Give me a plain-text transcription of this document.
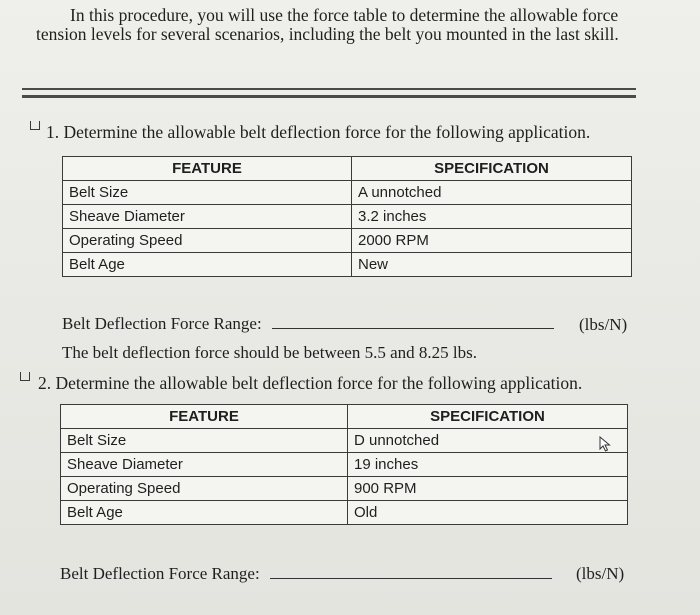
In this procedure, you will use the force table to determine the allowable force tension levels for several scenarios, including the belt you mounted in the last skill.

1. Determine the allowable belt deflection force for the following application.

FEATURE	SPECIFICATION
Belt Size	A unnotched
Sheave Diameter	3.2 inches
Operating Speed	2000 RPM
Belt Age	New
Belt Deflection Force Range:	(lbs/N)
The belt deflection force should be between 5.5 and 8.25 lbs.

2. Determine the allowable belt deflection force for the following application.

FEATURE	SPECIFICATION
Belt Size	D unnotched
Sheave Diameter	19 inches
Operating Speed	900 RPM
Belt Age	Old
Belt Deflection Force Range:	(lbs/N)
